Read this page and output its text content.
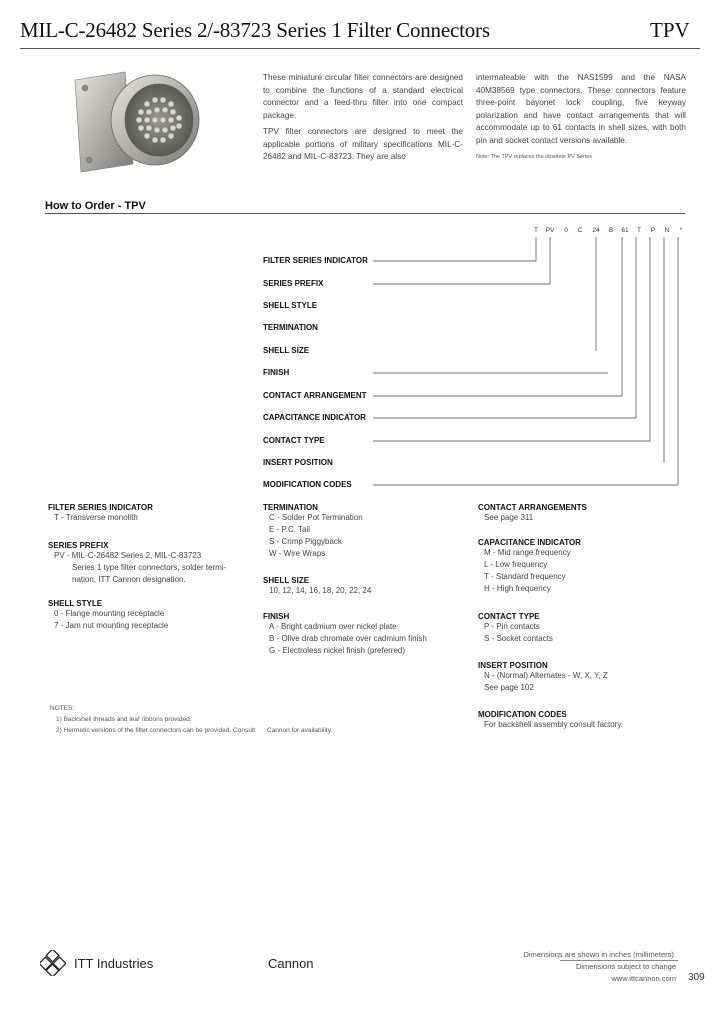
MIL-C-26482 Series 2/-83723 Series 1 Filter Connectors	TPV

These miniature circular filter connectors are designed to combine the functions of a standard electrical connector and a feed-thru filter into one compact package.

TPV filter connectors are designed to meet the applicable portions of military specifications MIL-C-26482 and MIL-C-83723. They are also

intermateable with the NAS1599 and the NASA 40M38569 type connectors. These connectors feature three-point bayonet lock coupling, five keyway polarization and have contact arrangements that will accommodate up to 61 contacts in shell sizes, with both pin and socket contact versions available.

Note: The TPV replaces the obsolete PV Series
How to Order - TPV
T	PV	0	C	24	B	61	T	P	N	*
FILTER SERIES INDICATOR
SERIES PREFIX
SHELL STYLE
TERMINATION
SHELL SIZE
FINISH
CONTACT ARRANGEMENT
CAPACITANCE INDICATOR
CONTACT TYPE
INSERT POSITION
MODIFICATION CODES
FILTER SERIES INDICATOR
T - Transverse monolith
SERIES PREFIX
PV - MIL-C-26482 Series 2, MIL-C-83723
Series 1 type filter connectors, solder termi-
nation, ITT Cannon designation.
SHELL STYLE
0 - Flange mounting receptacle
7 - Jam nut mounting receptacle
TERMINATION
C - Solder Pot Termination
E - P.C. Tail
S - Crimp Piggyback
W - Wire Wraps
SHELL SIZE
10, 12, 14, 16, 18, 20, 22, 24
FINISH
A - Bright cadmium over nickel plate
B - Olive drab chromate over cadmium finish
G - Electroless nickel finish (preferred)
CONTACT ARRANGEMENTS
See page 311
CAPACITANCE INDICATOR
M - Mid range frequency
L - Low frequency
T - Standard frequency
H - High frequency
CONTACT TYPE
P - Pin contacts
S - Socket contacts
INSERT POSITION
N - (Normal) Alternates - W, X, Y, Z
See page 102
MODIFICATION CODES
For backshell assembly consult factory.
NOTES:
1) Backshell threads and leaf ribbons provided.
2) Hermetic versions of the filter connectors can be provided. Consult Cannon for availability.
ITT Industries	Cannon
Dimensions are shown in inches (millimeters).
Dimensions subject to change
www.ittcannon.com 309
